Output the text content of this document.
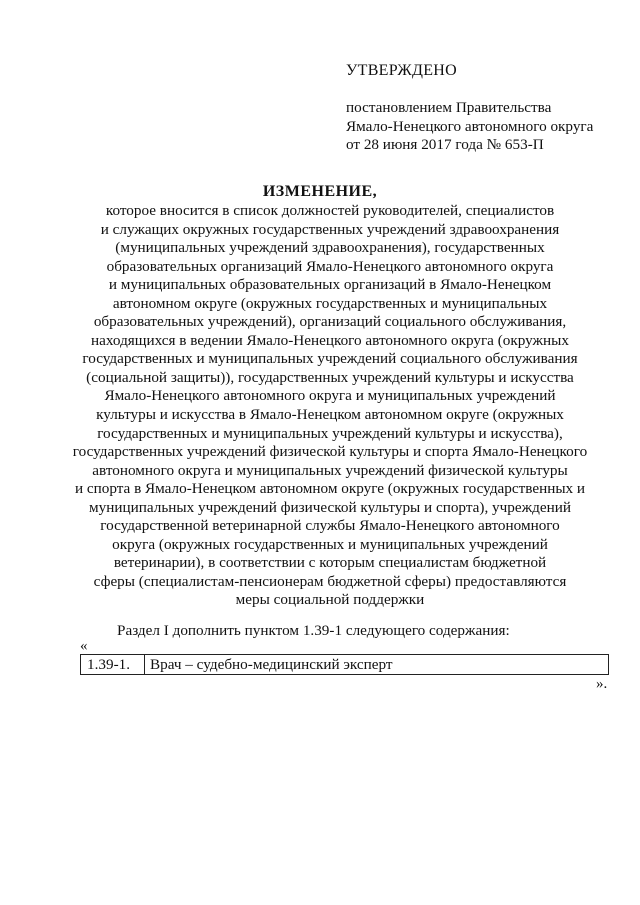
УТВЕРЖДЕНО
постановлением Правительства
Ямало-Ненецкого автономного округа
от 28 июня 2017 года № 653-П
ИЗМЕНЕНИЕ,
которое вносится в список должностей руководителей, специалистов
и служащих окружных государственных учреждений здравоохранения
(муниципальных учреждений здравоохранения), государственных
образовательных организаций Ямало-Ненецкого автономного округа
и муниципальных образовательных организаций в Ямало-Ненецком
автономном округе (окружных государственных и муниципальных
образовательных учреждений), организаций социального обслуживания,
находящихся в ведении Ямало-Ненецкого автономного округа (окружных
государственных и муниципальных учреждений социального обслуживания
(социальной защиты)), государственных учреждений культуры и искусства
Ямало-Ненецкого автономного округа и муниципальных учреждений
культуры и искусства в Ямало-Ненецком автономном округе (окружных
государственных и муниципальных учреждений культуры и искусства),
государственных учреждений физической культуры и спорта Ямало-Ненецкого
автономного округа и муниципальных учреждений физической культуры
и спорта в Ямало-Ненецком автономном округе (окружных государственных и
муниципальных учреждений физической культуры и спорта), учреждений
государственной ветеринарной службы Ямало-Ненецкого автономного
округа (окружных государственных и муниципальных учреждений
ветеринарии), в соответствии с которым специалистам бюджетной
сферы (специалистам-пенсионерам бюджетной сферы) предоставляются
меры социальной поддержки
Раздел I дополнить пунктом 1.39-1 следующего содержания:
«
1.39-1.	Врач – судебно-медицинский эксперт
».
